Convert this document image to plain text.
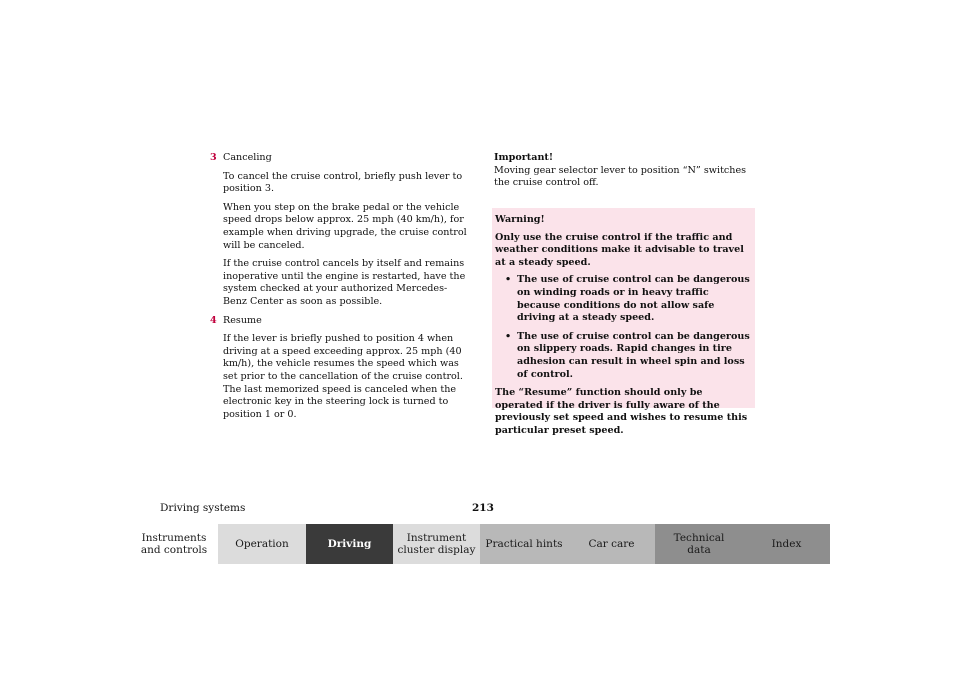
3 Canceling

To cancel the cruise control, briefly push lever to position 3.

When you step on the brake pedal or the vehicle speed drops below approx. 25 mph (40 km/h), for example when driving upgrade, the cruise control will be canceled.

If the cruise control cancels by itself and remains inoperative until the engine is restarted, have the system checked at your authorized Mercedes-Benz Center as soon as possible.

4 Resume

If the lever is briefly pushed to position 4 when driving at a speed exceeding approx. 25 mph (40 km/h), the vehicle resumes the speed which was set prior to the cancellation of the cruise control. The last memorized speed is canceled when the electronic key in the steering lock is turned to position 1 or 0.

Important!

Moving gear selector lever to position “N” switches the cruise control off.

Warning!

Only use the cruise control if the traffic and weather conditions make it advisable to travel at a steady speed.

• The use of cruise control can be dangerous on winding roads or in heavy traffic because conditions do not allow safe driving at a steady speed.
• The use of cruise control can be dangerous on slippery roads. Rapid changes in tire adhesion can result in wheel spin and loss of control.

The “Resume” function should only be operated if the driver is fully aware of the previously set speed and wishes to resume this particular preset speed.

Driving systems	213
Instruments
and controls	Operation	Driving	Instrument
cluster display Practical hints	Car care	Technical
data	Index
